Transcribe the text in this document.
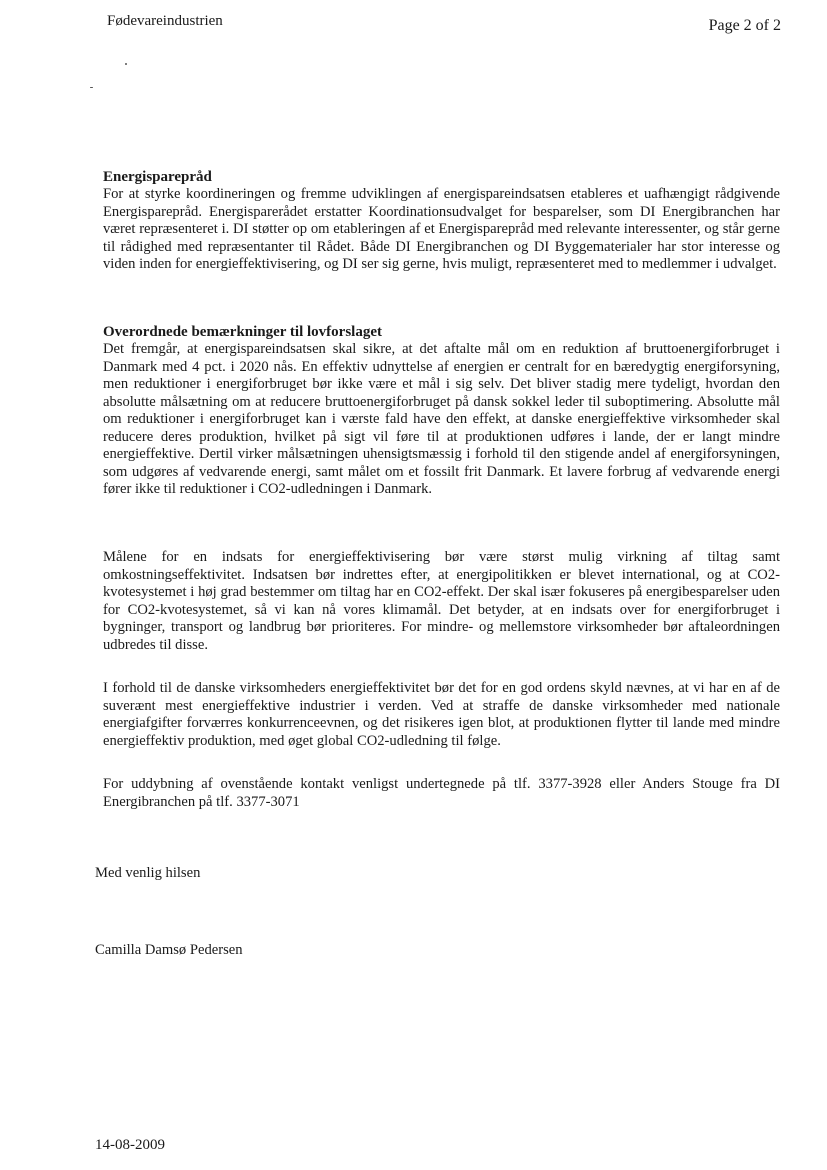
Fødevareindustrien	Page 2 of 2
Energisparepråd
For at styrke koordineringen og fremme udviklingen af energispareindsatsen etableres et uafhængigt rådgivende Energisparepråd. Energisparerådet erstatter Koordinationsudvalget for besparelser, som DI Energibranchen har været repræsenteret i. DI støtter op om etableringen af et Energisparepråd med relevante interessenter, og står gerne til rådighed med repræsentanter til Rådet. Både DI Energibranchen og DI Byggematerialer har stor interesse og viden inden for energieffektivisering, og DI ser sig gerne, hvis muligt, repræsenteret med to medlemmer i udvalget.
Overordnede bemærkninger til lovforslaget
Det fremgår, at energispareindsatsen skal sikre, at det aftalte mål om en reduktion af bruttoenergiforbruget i Danmark med 4 pct. i 2020 nås. En effektiv udnyttelse af energien er centralt for en bæredygtig energiforsyning, men reduktioner i energiforbruget bør ikke være et mål i sig selv. Det bliver stadig mere tydeligt, hvordan den absolutte målsætning om at reducere bruttoenergiforbruget på dansk sokkel leder til suboptimering. Absolutte mål om reduktioner i energiforbruget kan i værste fald have den effekt, at danske energieffektive virksomheder skal reducere deres produktion, hvilket på sigt vil føre til at produktionen udføres i lande, der er langt mindre energieffektive. Dertil virker målsætningen uhensigtsmæssig i forhold til den stigende andel af energiforsyningen, som udgøres af vedvarende energi, samt målet om et fossilt frit Danmark. Et lavere forbrug af vedvarende energi fører ikke til reduktioner i CO2-udledningen i Danmark.
Målene for en indsats for energieffektivisering bør være størst mulig virkning af tiltag samt omkostningseffektivitet. Indsatsen bør indrettes efter, at energipolitikken er blevet international, og at CO2-kvotesystemet i høj grad bestemmer om tiltag har en CO2-effekt. Der skal især fokuseres på energibesparelser uden for CO2-kvotesystemet, så vi kan nå vores klimamål. Det betyder, at en indsats over for energiforbruget i bygninger, transport og landbrug bør prioriteres. For mindre- og mellemstore virksomheder bør aftaleordningen udbredes til disse.
I forhold til de danske virksomheders energieffektivitet bør det for en god ordens skyld nævnes, at vi har en af de suverænt mest energieffektive industrier i verden. Ved at straffe de danske virksomheder med nationale energiafgifter forværres konkurrenceevnen, og det risikeres igen blot, at produktionen flytter til lande med mindre energieffektiv produktion, med øget global CO2-udledning til følge.
For uddybning af ovenstående kontakt venligst undertegnede på tlf. 3377-3928 eller Anders Stouge fra DI Energibranchen på tlf. 3377-3071
Med venlig hilsen
Camilla Damsø Pedersen
14-08-2009
